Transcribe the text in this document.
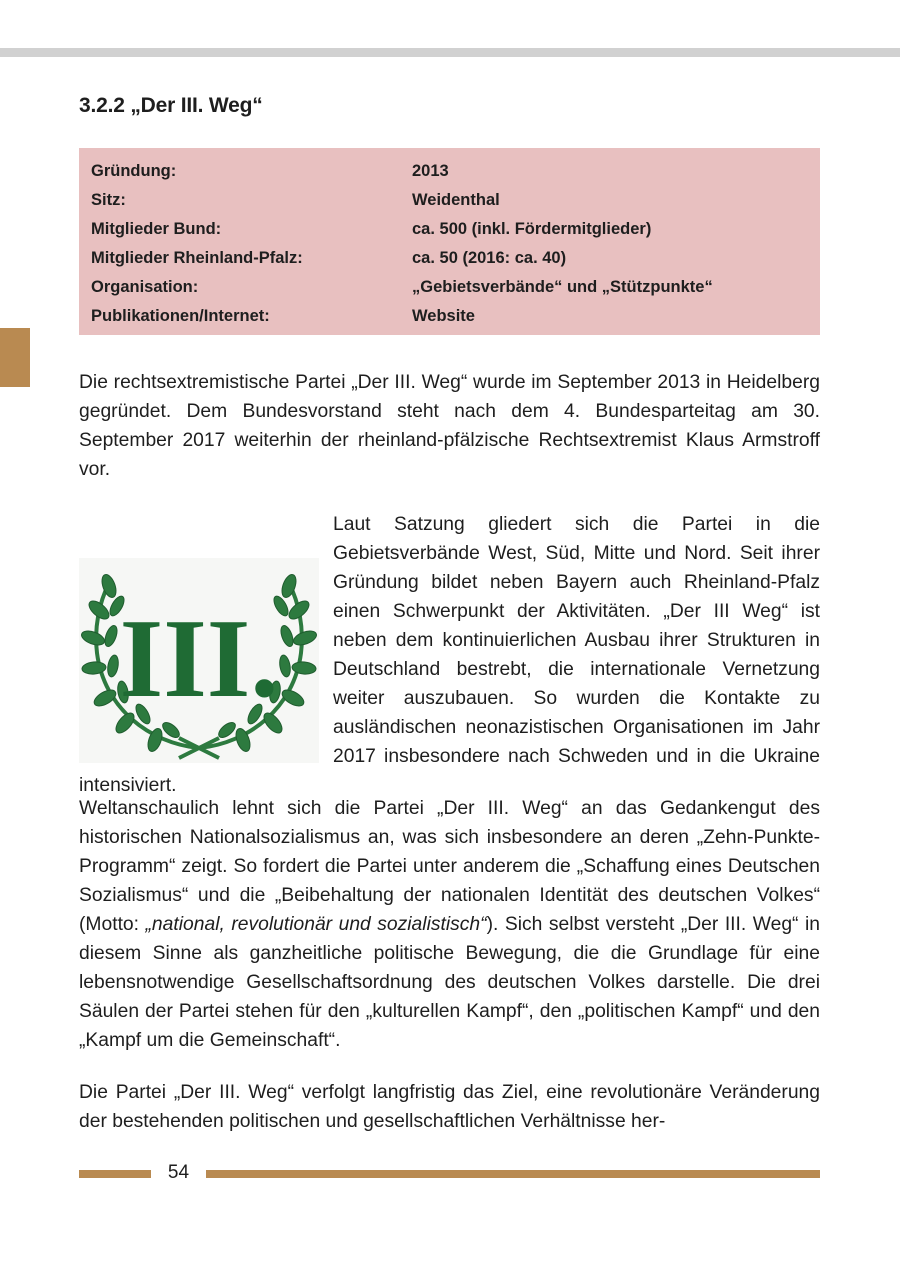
3.2.2 „Der III. Weg“
Gründung:	2013
Sitz:	Weidenthal
Mitglieder Bund:	ca. 500 (inkl. Fördermitglieder)
Mitglieder Rheinland-Pfalz:	ca. 50 (2016: ca. 40)
Organisation:	„Gebietsverbände“ und „Stützpunkte“
Publikationen/Internet:	Website

Die rechtsextremistische Partei „Der III. Weg“ wurde im September 2013 in Heidelberg gegründet. Dem Bundesvorstand steht nach dem 4. Bundesparteitag am 30. September 2017 weiterhin der rheinland-pfälzische Rechtsextremist Klaus Armstroff vor.

III.
Laut Satzung gliedert sich die Partei in die Gebietsverbände West, Süd, Mitte und Nord. Seit ihrer Gründung bildet neben Bayern auch Rheinland-Pfalz einen Schwerpunkt der Aktivitäten. „Der III Weg“ ist neben dem kontinuierlichen Ausbau ihrer Strukturen in Deutschland bestrebt, die internationale Vernetzung weiter auszubauen. So wurden die Kontakte zu ausländischen neonazistischen Organisationen im Jahr 2017 insbesondere nach Schweden und in die Ukraine intensiviert.

Weltanschaulich lehnt sich die Partei „Der III. Weg“ an das Gedankengut des historischen Nationalsozialismus an, was sich insbesondere an deren „Zehn-Punkte-Programm“ zeigt. So fordert die Partei unter anderem die „Schaffung eines Deutschen Sozialismus“ und die „Beibehaltung der nationalen Identität des deutschen Volkes“ (Motto: „national, revolutionär und sozialistisch“). Sich selbst versteht „Der III. Weg“ in diesem Sinne als ganzheitliche politische Bewegung, die die Grundlage für eine lebensnotwendige Gesellschaftsordnung des deutschen Volkes darstelle. Die drei Säulen der Partei stehen für den „kulturellen Kampf“, den „politischen Kampf“ und den „Kampf um die Gemeinschaft“.

Die Partei „Der III. Weg“ verfolgt langfristig das Ziel, eine revolutionäre Veränderung der bestehenden politischen und gesellschaftlichen Verhältnisse her-

54
